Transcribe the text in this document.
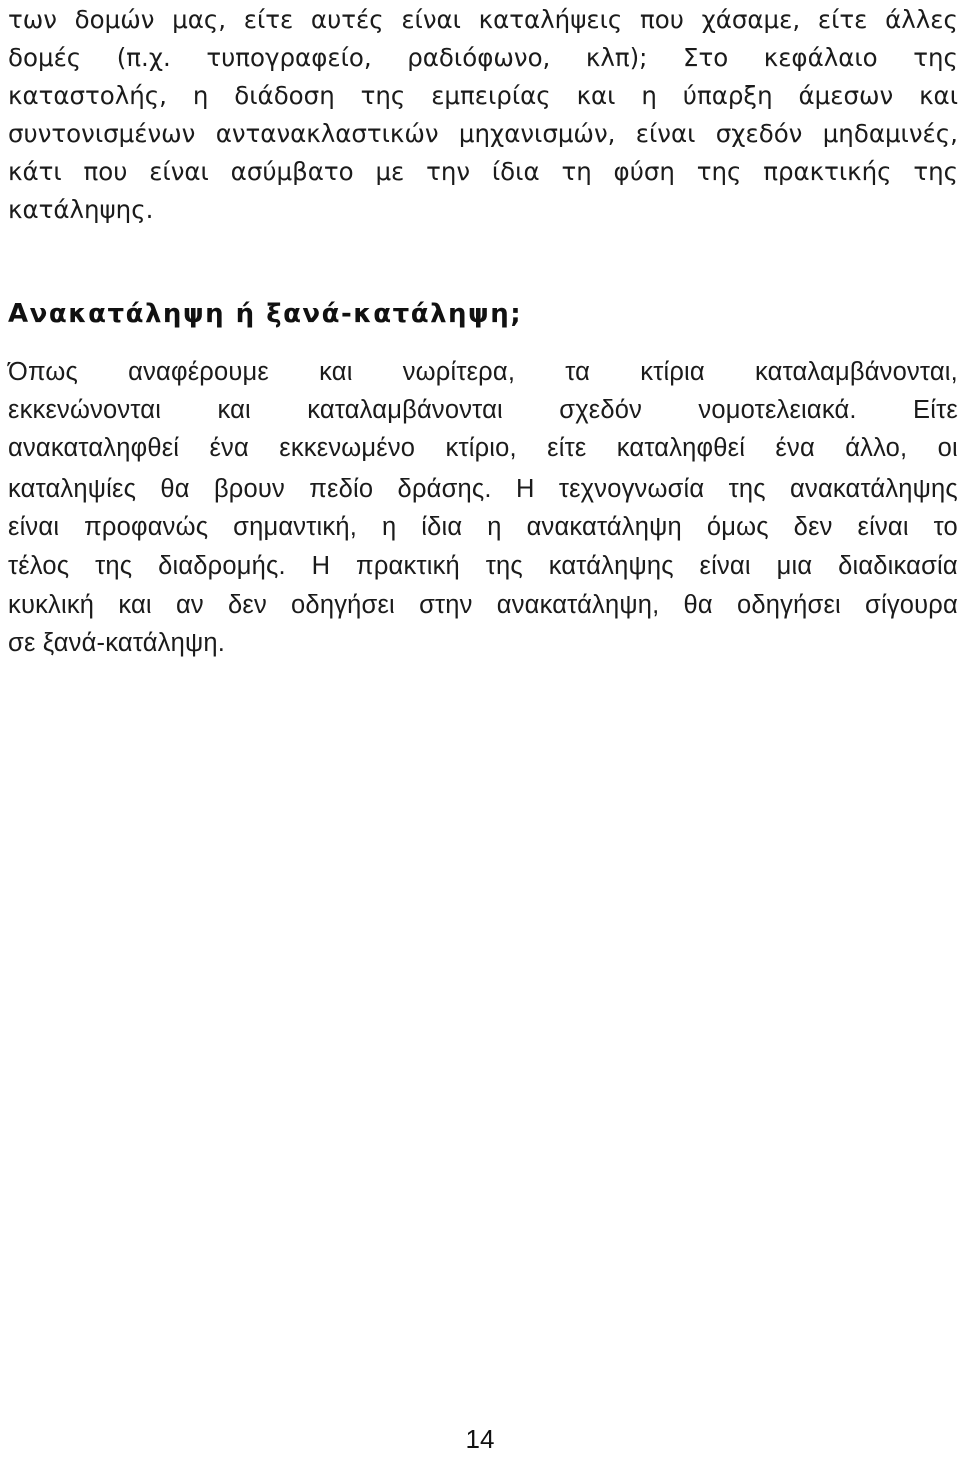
των δομών μας, είτε αυτές είναι καταλήψεις που χάσαμε, είτε άλλες
δομές (π.χ. τυπογραφείο, ραδιόφωνο, κλπ); Στο κεφάλαιο της
καταστολής, η διάδοση της εμπειρίας και η ύπαρξη άμεσων και
συντονισμένων αντανακλαστικών μηχανισμών, είναι σχεδόν μηδαμινές,
κάτι που είναι ασύμβατο με την ίδια τη φύση της πρακτικής της
κατάληψης.
Ανακατάληψη ή ξανά-κατάληψη;
Όπως αναφέρουμε και νωρίτερα, τα κτίρια καταλαμβάνονται,
εκκενώνονται και καταλαμβάνονται σχεδόν νομοτελειακά. Είτε
ανακαταληφθεί ένα εκκενωμένο κτίριο, είτε καταληφθεί ένα άλλο, οι
καταληψίες θα βρουν πεδίο δράσης. Η τεχνογνωσία της ανακατάληψης
είναι προφανώς σημαντική, η ίδια η ανακατάληψη όμως δεν είναι το
τέλος της διαδρομής. Η πρακτική της κατάληψης είναι μια διαδικασία
κυκλική και αν δεν οδηγήσει στην ανακατάληψη, θα οδηγήσει σίγουρα
σε ξανά-κατάληψη.
14
